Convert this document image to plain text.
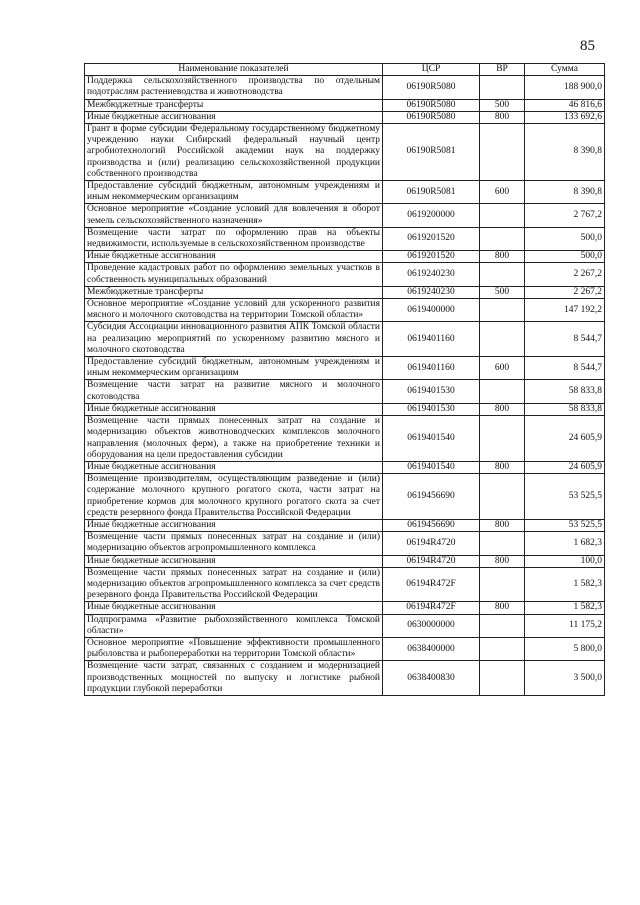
85
Наименование показателей	ЦСР	ВР	Сумма
Поддержка сельскохозяйственного производства по отдельным подотраслям растениеводства и животноводства	06190R5080		188 900,0
Межбюджетные трансферты	06190R5080	500	46 816,6
Иные бюджетные ассигнования	06190R5080	800	133 692,6
Грант в форме субсидии Федеральному государственному бюджетному учреждению науки Сибирский федеральный научный центр агробиотехнологий Российской академии наук на поддержку производства и (или) реализацию сельскохозяйственной продукции собственного производства	06190R5081		8 390,8
Предоставление субсидий бюджетным, автономным учреждениям и иным некоммерческим организациям	06190R5081	600	8 390,8
Основное мероприятие «Создание условий для вовлечения в оборот земель сельскохозяйственного назначения»	0619200000		2 767,2
Возмещение части затрат по оформлению прав на объекты недвижимости, используемые в сельскохозяйственном производстве	0619201520		500,0
Иные бюджетные ассигнования	0619201520	800	500,0
Проведение кадастровых работ по оформлению земельных участков в собственность муниципальных образований	0619240230		2 267,2
Межбюджетные трансферты	0619240230	500	2 267,2
Основное мероприятие «Создание условий для ускоренного развития мясного и молочного скотоводства на территории Томской области»	0619400000		147 192,2
Субсидия Ассоциации инновационного развития АПК Томской области на реализацию мероприятий по ускоренному развитию мясного и молочного скотоводства	0619401160		8 544,7
Предоставление субсидий бюджетным, автономным учреждениям и иным некоммерческим организациям	0619401160	600	8 544,7
Возмещение части затрат на развитие мясного и молочного скотоводства	0619401530		58 833,8
Иные бюджетные ассигнования	0619401530	800	58 833,8
Возмещение части прямых понесенных затрат на создание и модернизацию объектов животноводческих комплексов молочного направления (молочных ферм), а также на приобретение техники и оборудования на цели предоставления субсидии	0619401540		24 605,9
Иные бюджетные ассигнования	0619401540	800	24 605,9
Возмещение производителям, осуществляющим разведение и (или) содержание молочного крупного рогатого скота, части затрат на приобретение кормов для молочного крупного рогатого скота за счет средств резервного фонда Правительства Российской Федерации	0619456690		53 525,5
Иные бюджетные ассигнования	0619456690	800	53 525,5
Возмещение части прямых понесенных затрат на создание и (или) модернизацию объектов агропромышленного комплекса	06194R4720		1 682,3
Иные бюджетные ассигнования	06194R4720	800	100,0
Возмещение части прямых понесенных затрат на создание и (или) модернизацию объектов агропромышленного комплекса за счет средств резервного фонда Правительства Российской Федерации	06194R472F		1 582,3
Иные бюджетные ассигнования	06194R472F	800	1 582,3
Подпрограмма «Развитие рыбохозяйственного комплекса Томской области»	0630000000		11 175,2
Основное мероприятие «Повышение эффективности промышленного рыболовства и рыбопереработки на территории Томской области»	0638400000		5 800,0
Возмещение части затрат, связанных с созданием и модернизацией производственных мощностей по выпуску и логистике рыбной продукции глубокой переработки	0638400830		3 500,0
